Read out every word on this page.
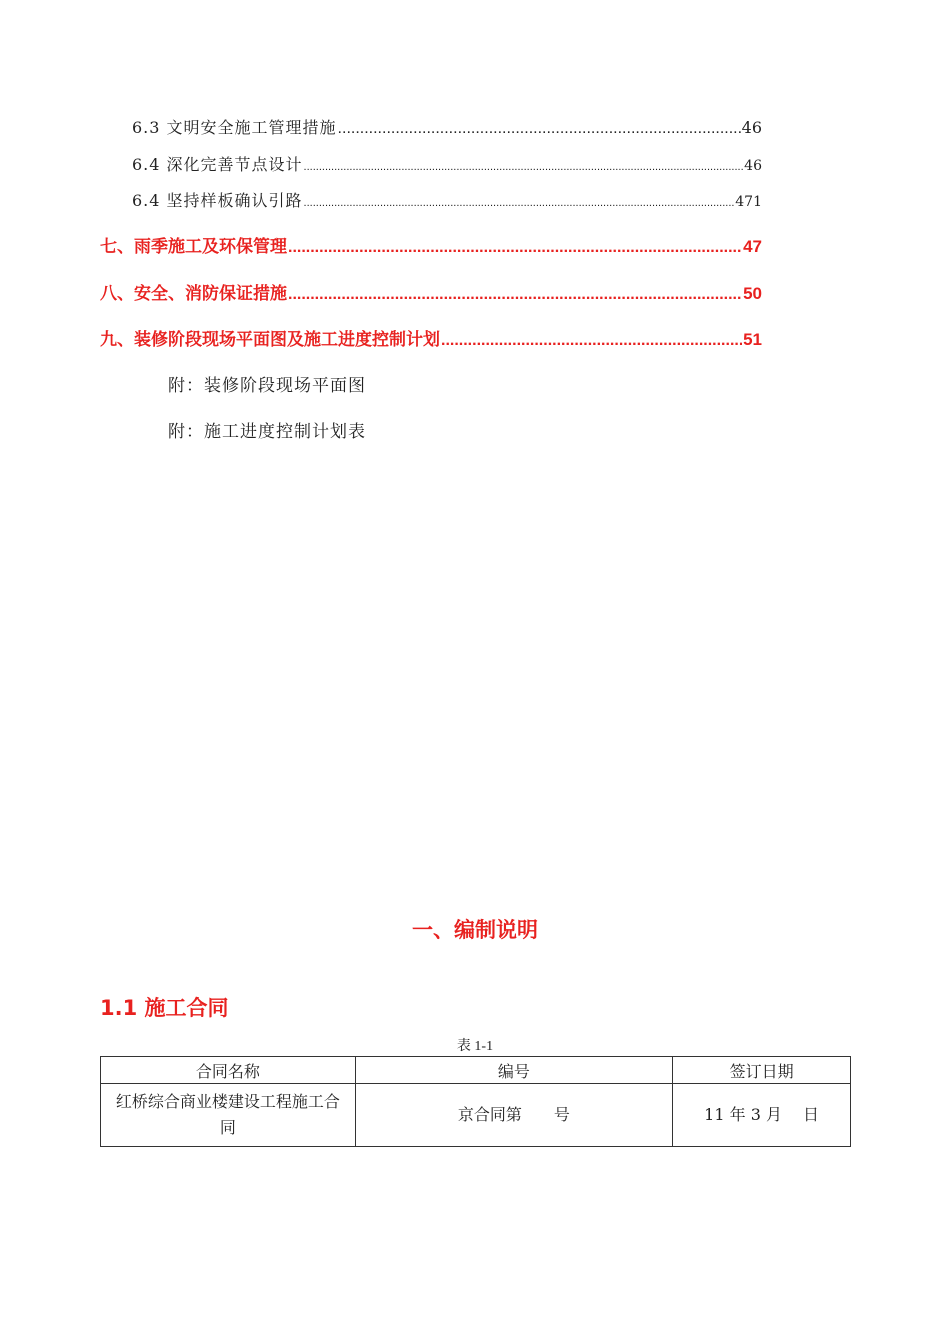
6.3 文明安全施工管理措施 .....	46
6.4 深化完善节点设计 .....	46
6.4 坚持样板确认引路 .....	471
七、雨季施工及环保管理 .....	47
八、安全、消防保证措施 .....	50
九、装修阶段现场平面图及施工进度控制计划 .....	51
附：装修阶段现场平面图
附：施工进度控制计划表
一、编制说明
1.1 施工合同
表 1-1
合同名称	编号	签订日期
红桥综合商业楼建设工程施工合同	京合同第　　号	11 年 3 月　 日
